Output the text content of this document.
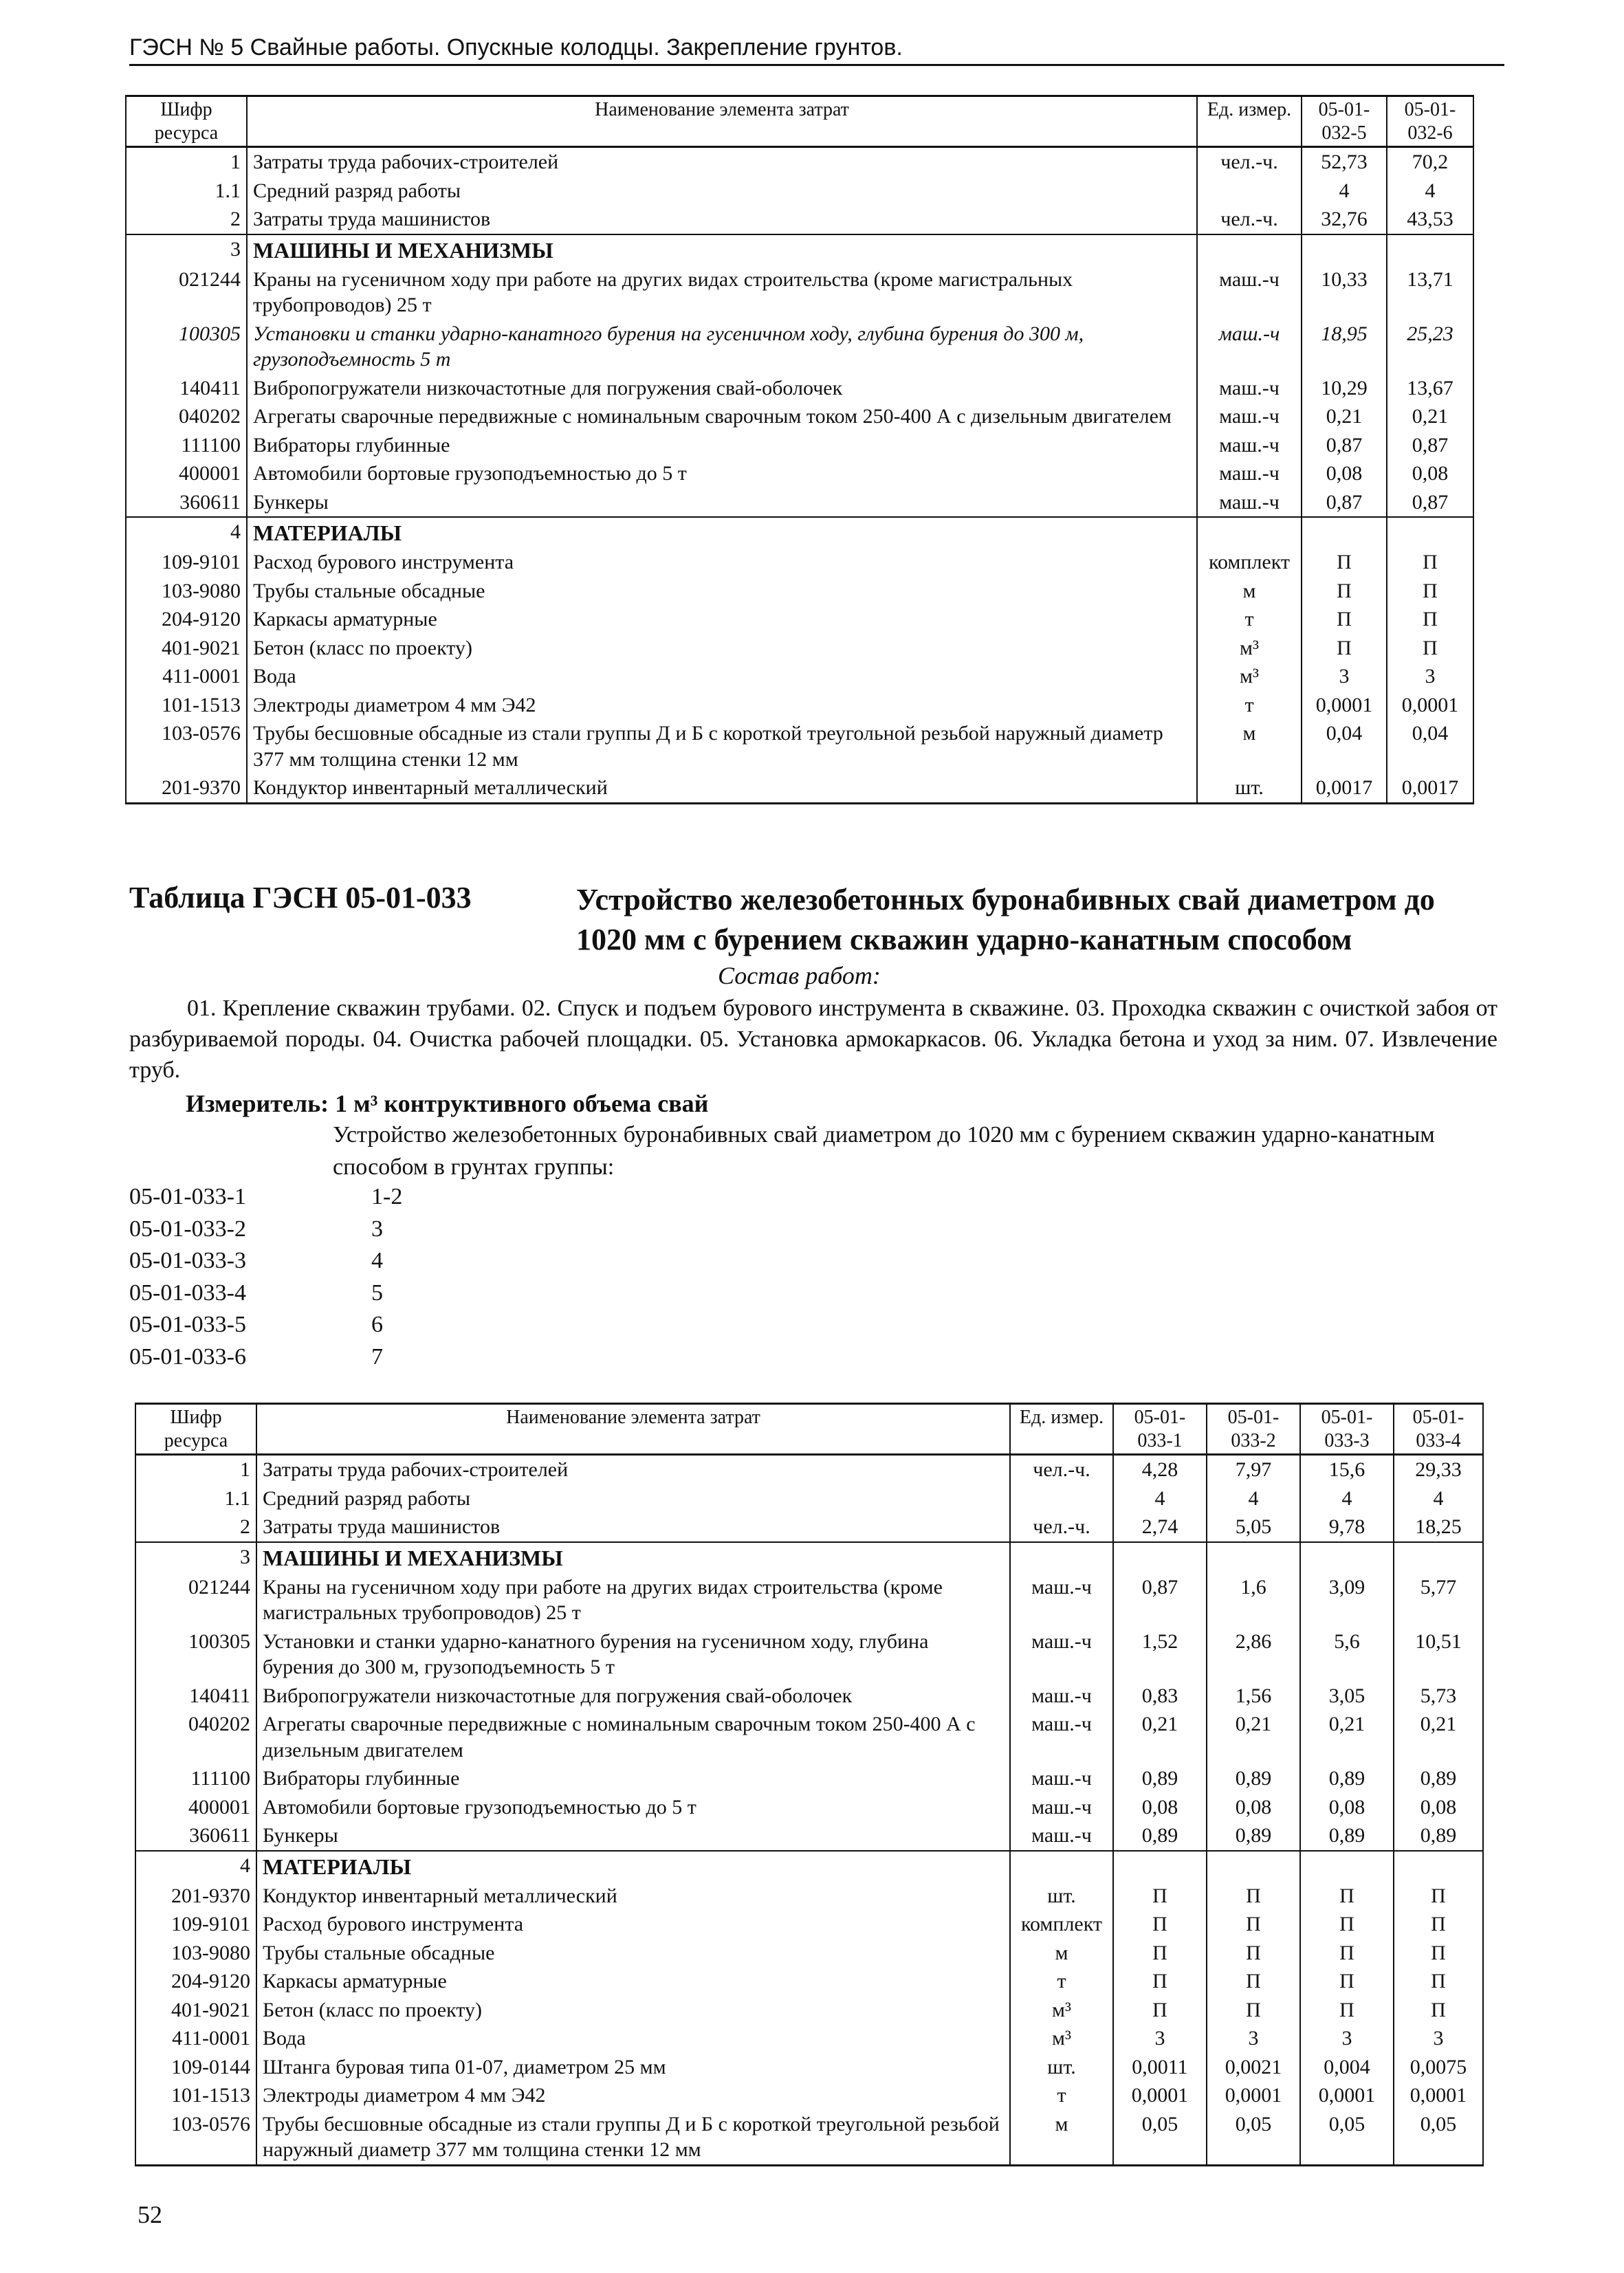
ГЭСН № 5 Свайные работы. Опускные колодцы. Закрепление грунтов.
Шифр ресурса	Наименование элемента затрат	Ед. измер.	05-01-032-5	05-01-032-6
1	Затраты труда рабочих-строителей	чел.-ч.	52,73	70,2
1.1	Средний разряд работы		4	4
2	Затраты труда машинистов	чел.-ч.	32,76	43,53
3	МАШИНЫ И МЕХАНИЗМЫ			
021244	Краны на гусеничном ходу при работе на других видах строительства (кроме магистральных трубопроводов) 25 т	маш.-ч	10,33	13,71
100305	Установки и станки ударно-канатного бурения на гусеничном ходу, глубина бурения до 300 м, грузоподъемность 5 т	маш.-ч	18,95	25,23
140411	Вибропогружатели низкочастотные для погружения свай-оболочек	маш.-ч	10,29	13,67
040202	Агрегаты сварочные передвижные с номинальным сварочным током 250-400 А с дизельным двигателем	маш.-ч	0,21	0,21
111100	Вибраторы глубинные	маш.-ч	0,87	0,87
400001	Автомобили бортовые грузоподъемностью до 5 т	маш.-ч	0,08	0,08
360611	Бункеры	маш.-ч	0,87	0,87
4	МАТЕРИАЛЫ			
109-9101	Расход бурового инструмента	комплект	П	П
103-9080	Трубы стальные обсадные	м	П	П
204-9120	Каркасы арматурные	т	П	П
401-9021	Бетон (класс по проекту)	м³	П	П
411-0001	Вода	м³	3	3
101-1513	Электроды диаметром 4 мм Э42	т	0,0001	0,0001
103-0576	Трубы бесшовные обсадные из стали группы Д и Б с короткой треугольной резьбой наружный диаметр 377 мм толщина стенки 12 мм	м	0,04	0,04
201-9370	Кондуктор инвентарный металлический	шт.	0,0017	0,0017
Таблица ГЭСН 05-01-033	Устройство железобетонных буронабивных свай диаметром до 1020 мм с бурением скважин ударно-канатным способом
Состав работ:
01. Крепление скважин трубами. 02. Спуск и подъем бурового инструмента в скважине. 03. Проходка скважин с очисткой забоя от разбуриваемой породы. 04. Очистка рабочей площадки. 05. Установка армокаркасов. 06. Укладка бетона и уход за ним. 07. Извлечение труб.
Измеритель: 1 м³ контруктивного объема свай
Устройство железобетонных буронабивных свай диаметром до 1020 мм с бурением скважин ударно-канатным способом в грунтах группы:
05-01-033-1	1-2
05-01-033-2	3
05-01-033-3	4
05-01-033-4	5
05-01-033-5	6
05-01-033-6	7
Шифр ресурса	Наименование элемента затрат	Ед. измер.	05-01-033-1	05-01-033-2	05-01-033-3	05-01-033-4
1	Затраты труда рабочих-строителей	чел.-ч.	4,28	7,97	15,6	29,33
1.1	Средний разряд работы		4	4	4	4
2	Затраты труда машинистов	чел.-ч.	2,74	5,05	9,78	18,25
3	МАШИНЫ И МЕХАНИЗМЫ					
021244	Краны на гусеничном ходу при работе на других видах строительства (кроме магистральных трубопроводов) 25 т	маш.-ч	0,87	1,6	3,09	5,77
100305	Установки и станки ударно-канатного бурения на гусеничном ходу, глубина бурения до 300 м, грузоподъемность 5 т	маш.-ч	1,52	2,86	5,6	10,51
140411	Вибропогружатели низкочастотные для погружения свай-оболочек	маш.-ч	0,83	1,56	3,05	5,73
040202	Агрегаты сварочные передвижные с номинальным сварочным током 250-400 А с дизельным двигателем	маш.-ч	0,21	0,21	0,21	0,21
111100	Вибраторы глубинные	маш.-ч	0,89	0,89	0,89	0,89
400001	Автомобили бортовые грузоподъемностью до 5 т	маш.-ч	0,08	0,08	0,08	0,08
360611	Бункеры	маш.-ч	0,89	0,89	0,89	0,89
4	МАТЕРИАЛЫ					
201-9370	Кондуктор инвентарный металлический	шт.	П	П	П	П
109-9101	Расход бурового инструмента	комплект	П	П	П	П
103-9080	Трубы стальные обсадные	м	П	П	П	П
204-9120	Каркасы арматурные	т	П	П	П	П
401-9021	Бетон (класс по проекту)	м³	П	П	П	П
411-0001	Вода	м³	3	3	3	3
109-0144	Штанга буровая типа 01-07, диаметром 25 мм	шт.	0,0011	0,0021	0,004	0,0075
101-1513	Электроды диаметром 4 мм Э42	т	0,0001	0,0001	0,0001	0,0001
103-0576	Трубы бесшовные обсадные из стали группы Д и Б с короткой треугольной резьбой наружный диаметр 377 мм толщина стенки 12 мм	м	0,05	0,05	0,05	0,05
52
